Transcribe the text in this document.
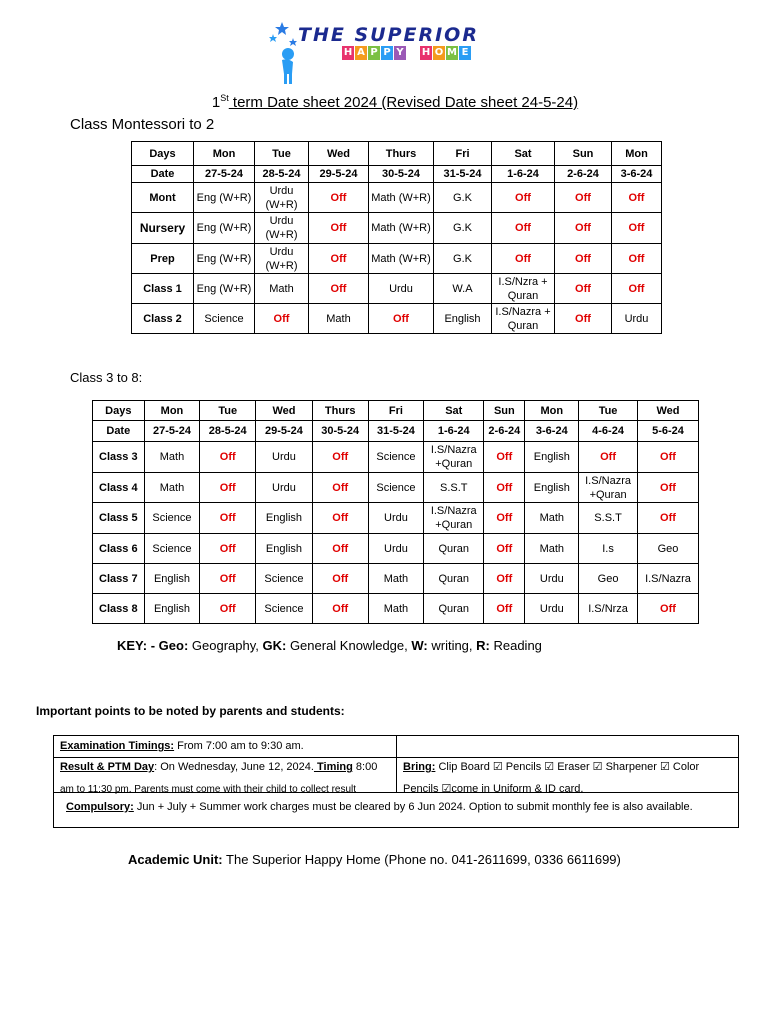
THE SUPERIOR
H A P P Y H O M E
1St term Date sheet 2024 (Revised Date sheet 24-5-24)
Class Montessori to 2
Days	Mon	Tue	Wed	Thurs	Fri	Sat	Sun	Mon
Date	27-5-24	28-5-24	29-5-24	30-5-24	31-5-24	1-6-24	2-6-24	3-6-24
Mont	Eng (W+R)	Urdu (W+R)	Off	Math (W+R)	G.K	Off	Off	Off
Nursery	Eng (W+R)	Urdu (W+R)	Off	Math (W+R)	G.K	Off	Off	Off
Prep	Eng (W+R)	Urdu (W+R)	Off	Math (W+R)	G.K	Off	Off	Off
Class 1	Eng (W+R)	Math	Off	Urdu	W.A	I.S/Nzra + Quran	Off	Off
Class 2	Science	Off	Math	Off	English	I.S/Nazra + Quran	Off	Urdu
Class 3 to 8:
Days	Mon	Tue	Wed	Thurs	Fri	Sat	Sun	Mon	Tue	Wed
Date	27-5-24	28-5-24	29-5-24	30-5-24	31-5-24	1-6-24	2-6-24	3-6-24	4-6-24	5-6-24
Class 3	Math	Off	Urdu	Off	Science	I.S/Nazra +Quran	Off	English	Off	Off
Class 4	Math	Off	Urdu	Off	Science	S.S.T	Off	English	I.S/Nazra +Quran	Off
Class 5	Science	Off	English	Off	Urdu	I.S/Nazra +Quran	Off	Math	S.S.T	Off
Class 6	Science	Off	English	Off	Urdu	Quran	Off	Math	I.s	Geo
Class 7	English	Off	Science	Off	Math	Quran	Off	Urdu	Geo	I.S/Nazra
Class 8	English	Off	Science	Off	Math	Quran	Off	Urdu	I.S/Nrza	Off
KEY: - Geo: Geography, GK: General Knowledge, W: writing, R: Reading
Important points to be noted by parents and students:
Examination Timings: From 7:00 am to 9:30 am.
Result & PTM Day: On Wednesday, June 12, 2024. Timing 8:00
am to 11:30 pm. Parents must come with their child to collect result
Bring: Clip Board ☑ Pencils ☑ Eraser ☑ Sharpener ☑ Color
Pencils ☑come in Uniform & ID card.
Compulsory: Jun + July + Summer work charges must be cleared by 6 Jun 2024. Option to submit monthly fee is also available.
Academic Unit: The Superior Happy Home (Phone no. 041-2611699, 0336 6611699)
